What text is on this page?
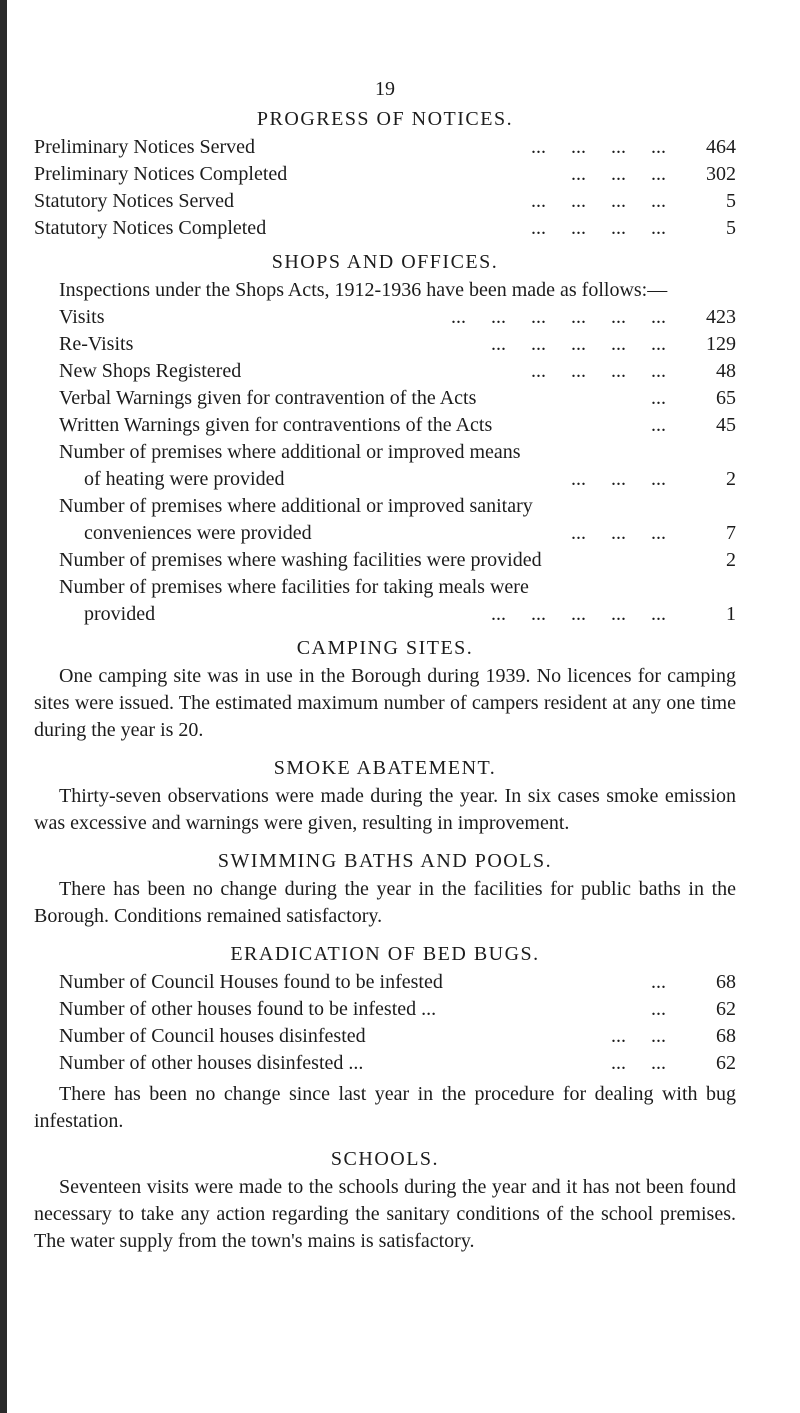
19
PROGRESS OF NOTICES.
Preliminary Notices Served	...     ...     ...     ...	464
Preliminary Notices Completed	...     ...     ...	302
Statutory Notices Served	...     ...     ...     ...	5
Statutory Notices Completed	...     ...     ...     ...	5
SHOPS AND OFFICES.

Inspections under the Shops Acts, 1912-1936 have been made as follows:—

Visits	...     ...     ...     ...     ...     ...	423
Re-Visits	...     ...     ...     ...     ...	129
New Shops Registered	...     ...     ...     ...	48
Verbal Warnings given for contravention of the Acts	...	65
Written Warnings given for contraventions of the Acts	...	45
Number of premises where additional or improved means
of heating were provided	...     ...     ...	2
Number of premises where additional or improved sanitary
conveniences were provided	...     ...     ...	7
Number of premises where washing facilities were provided	2
Number of premises where facilities for taking meals were
provided	...     ...     ...     ...     ...	1
CAMPING SITES.

One camping site was in use in the Borough during 1939. No licences for camping sites were issued. The estimated maximum number of campers resident at any one time during the year is 20.

SMOKE ABATEMENT.

Thirty-seven observations were made during the year. In six cases smoke emission was excessive and warnings were given, resulting in improvement.

SWIMMING BATHS AND POOLS.

There has been no change during the year in the facilities for public baths in the Borough. Conditions remained satisfactory.

ERADICATION OF BED BUGS.
Number of Council Houses found to be infested	...	68
Number of other houses found to be infested ...	...	62
Number of Council houses disinfested	...     ...	68
Number of other houses disinfested ...	...     ...	62

There has been no change since last year in the procedure for dealing with bug infestation.

SCHOOLS.

Seventeen visits were made to the schools during the year and it has not been found necessary to take any action regarding the sanitary conditions of the school premises. The water supply from the town's mains is satisfactory.
